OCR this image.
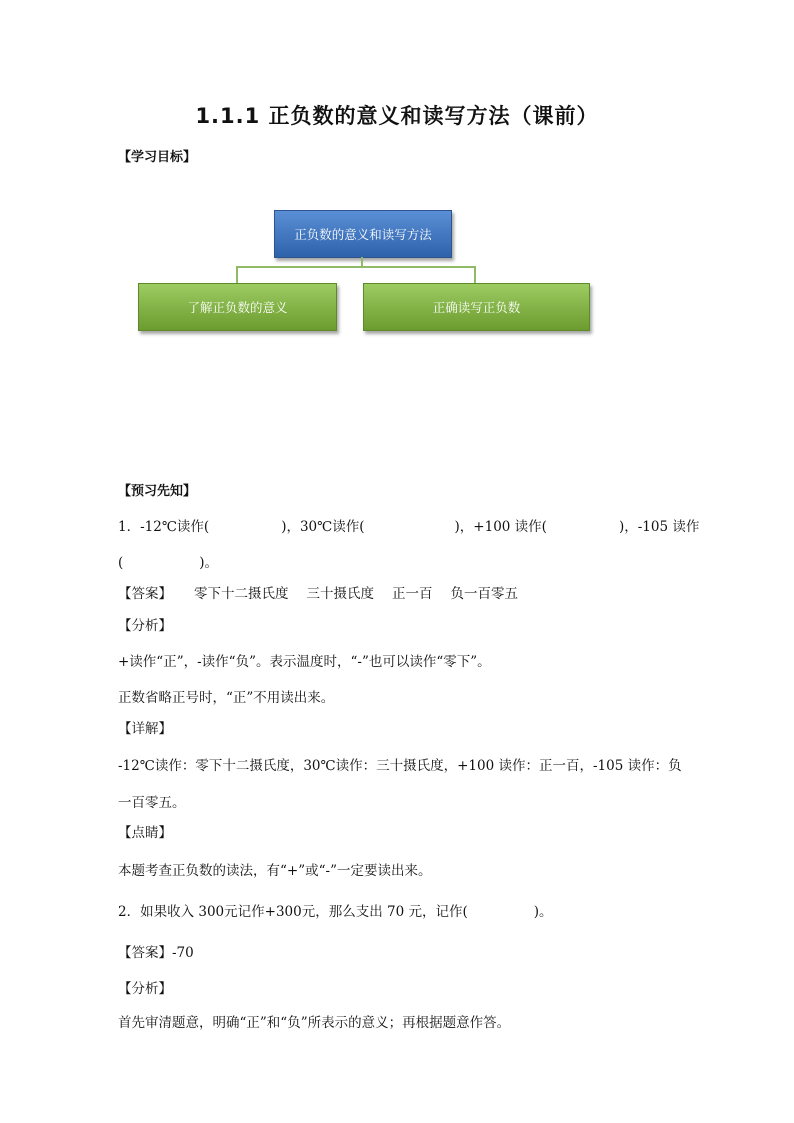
1.1.1 正负数的意义和读写方法（课前）
【学习目标】
正负数的意义和读写方法
了解正负数的意义	正确读写正负数
【预习先知】
1．-12℃读作(	)，30℃读作(	)，+100 读作(	)，-105 读作
(	)。
【答案】 零下十二摄氏度 三十摄氏度 正一百 负一百零五
【分析】
+读作“正”，-读作“负”。表示温度时，“-”也可以读作“零下”。
正数省略正号时，“正”不用读出来。
【详解】
-12℃读作：零下十二摄氏度，30℃读作：三十摄氏度，+100 读作：正一百，-105 读作：负
一百零五。
【点睛】
本题考查正负数的读法，有“+”或“-”一定要读出来。
2．如果收入 300元记作+300元，那么支出 70 元，记作(	)。
【答案】-70
【分析】
首先审清题意，明确“正”和“负”所表示的意义；再根据题意作答。
